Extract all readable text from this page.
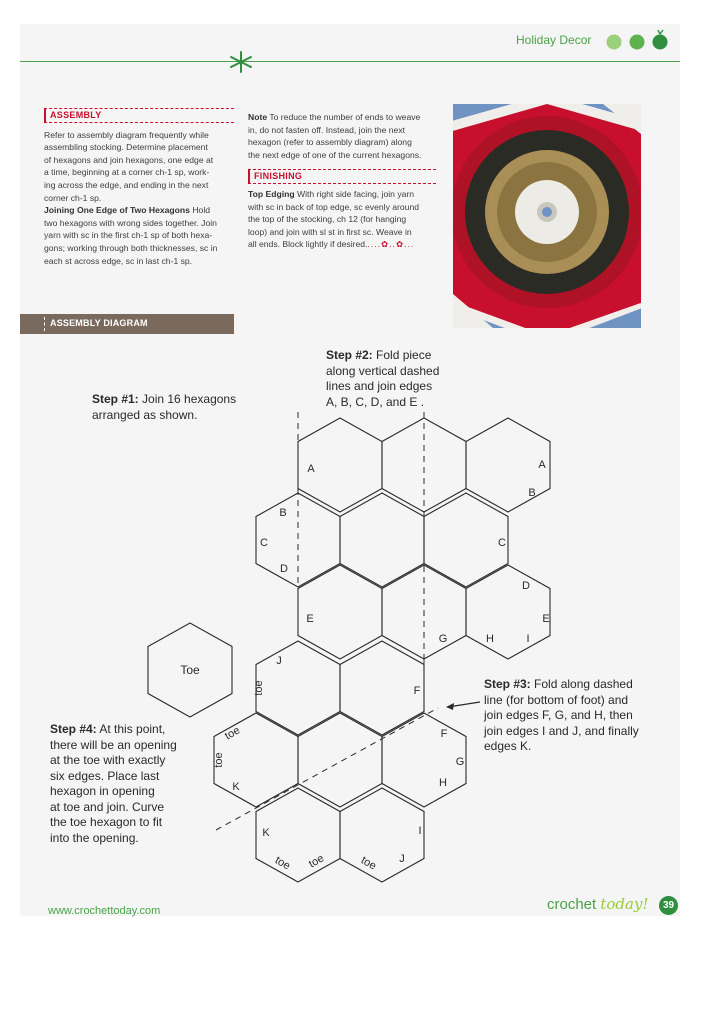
Holiday Decor
ASSEMBLY

Refer to assembly diagram frequently while

assembling stocking. Determine placement

of hexagons and join hexagons, one edge at

a time, beginning at a corner ch-1 sp, work-

ing across the edge, and ending in the next

corner ch-1 sp.

Joining One Edge of Two Hexagons Hold

two hexagons with wrong sides together. Join

yarn with sc in the first ch-1 sp of both hexa-

gons; working through both thicknesses, sc in

each st across edge, sc in last ch-1 sp.

Note To reduce the number of ends to weave

in, do not fasten off. Instead, join the next

hexagon (refer to assembly diagram) along

the next edge of one of the current hexagons.

FINISHING

Top Edging With right side facing, join yarn

with sc in back of top edge, sc evenly around

the top of the stocking, ch 12 (for hanging

loop) and join with sl st in first sc. Weave in

all ends. Block lightly if desired.....✿..✿...

ASSEMBLY DIAGRAM
Step #1: Join 16 hexagons
arranged as shown.
Step #2: Fold piece
along vertical dashed
lines and join edges
A, B, C, D, and E .
Step #3: Fold along dashed
line (for bottom of foot) and
join edges F, G, and H, then
join edges I and J, and finally
edges K.
Step #4: At this point,
there will be an opening
at the toe with exactly
six edges. Place last
hexagon in opening
at toe and join. Curve
the toe hexagon to fit
into the opening.
Toe
A	A
B
B
C	C
D
D
E	E
G	H	I
J
toe	F
toe
toe
F
G
H
K
K	I
J
toe toe	toe
www.crochettoday.com	crochet today!	39
